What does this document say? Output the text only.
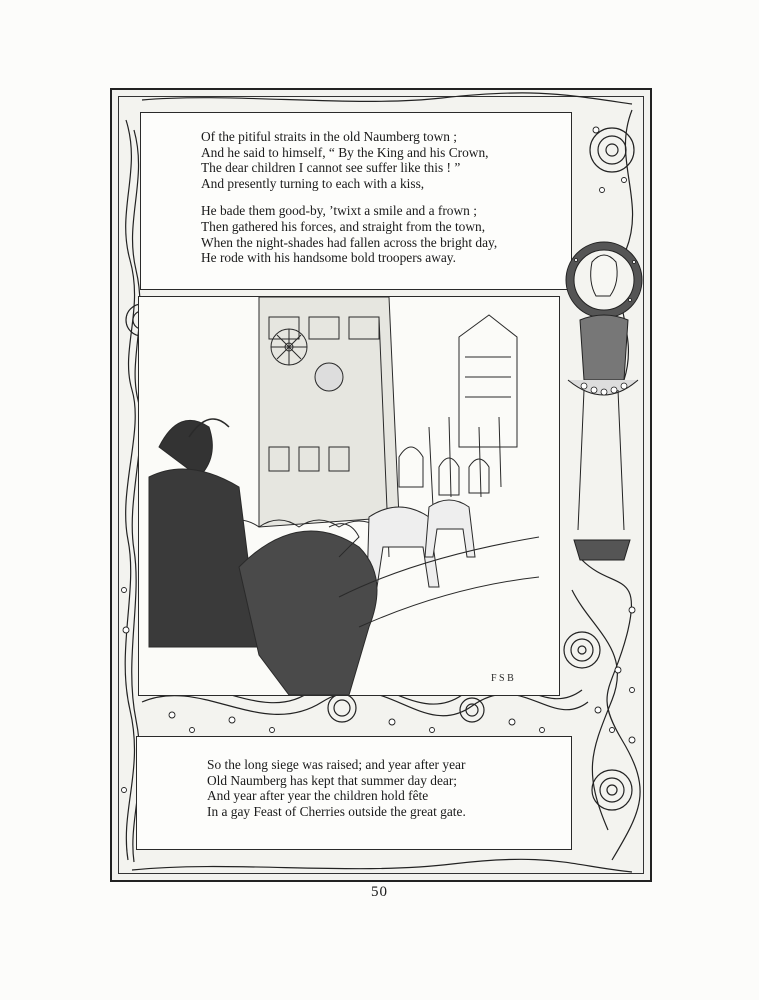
Of the pitiful straits in the old Naumberg town ;
And he said to himself, “ By the King and his Crown,
The dear children I cannot see suffer like this ! ”
And presently turning to each with a kiss,
He bade them good-by, ’twixt a smile and a frown ;
Then gathered his forces, and straight from the town,
When the night-shades had fallen across the bright day,
He rode with his handsome bold troopers away.
F S B
So the long siege was raised; and year after year
Old Naumberg has kept that summer day dear;
And year after year the children hold fête
In a gay Feast of Cherries outside the great gate.
50
